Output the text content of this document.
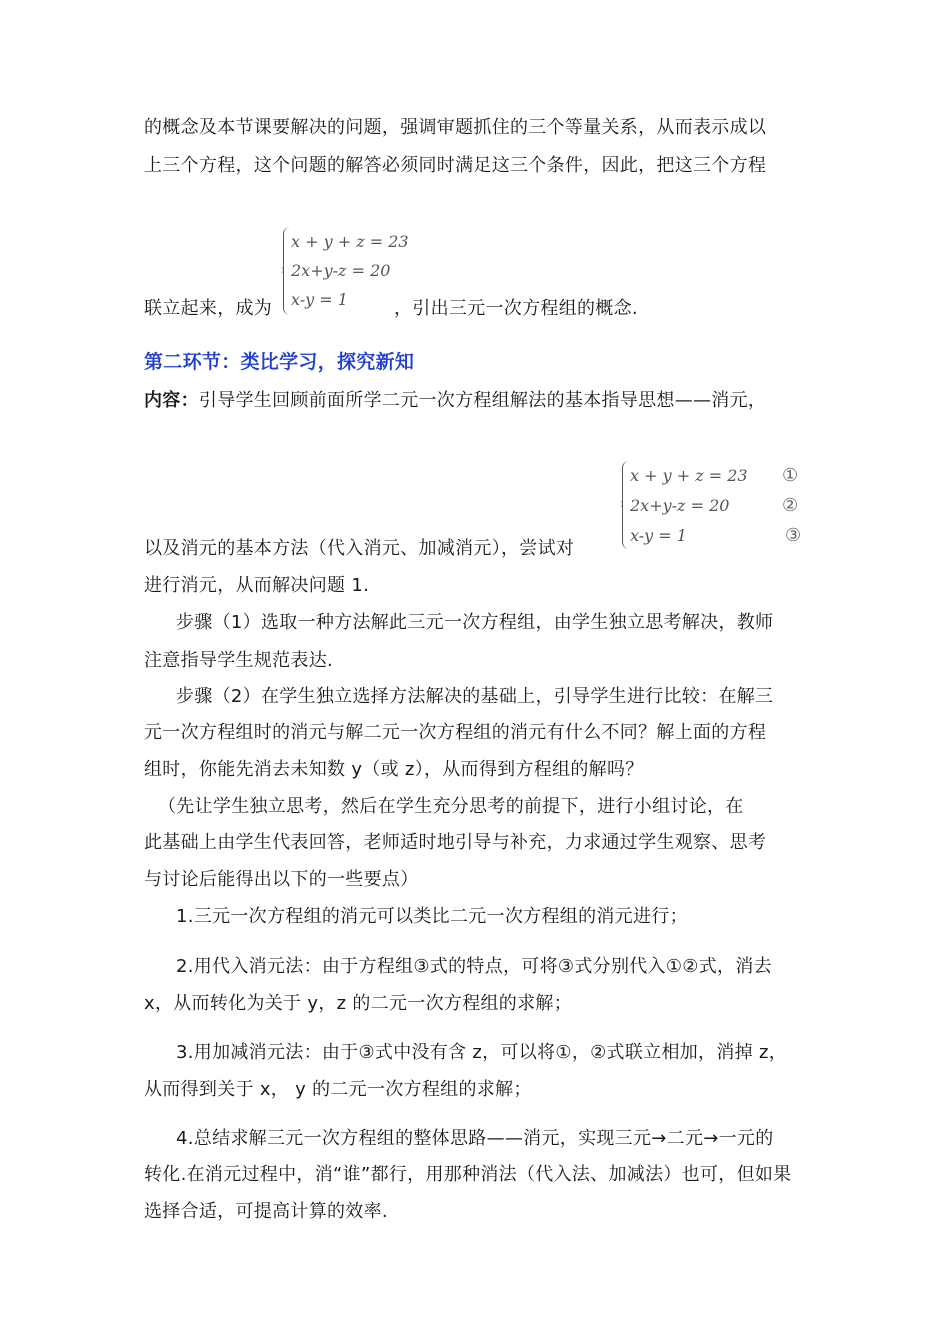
的概念及本节课要解决的问题，强调审题抓住的三个等量关系，从而表示成以
上三个方程，这个问题的解答必须同时满足这三个条件，因此，把这三个方程
x + y + z = 23
2x+y-z = 20
x-y = 1
联立起来，成为	，引出三元一次方程组的概念.
第二环节：类比学习，探究新知
内容：引导学生回顾前面所学二元一次方程组解法的基本指导思想——消元，
x + y + z = 23
2x+y-z = 20
x-y = 1
①
②
③
以及消元的基本方法（代入消元、加减消元），尝试对
进行消元，从而解决问题 1.
步骤（1）选取一种方法解此三元一次方程组，由学生独立思考解决，教师
注意指导学生规范表达.
步骤（2）在学生独立选择方法解决的基础上，引导学生进行比较：在解三
元一次方程组时的消元与解二元一次方程组的消元有什么不同？解上面的方程
组时，你能先消去未知数 y（或 z），从而得到方程组的解吗？
（先让学生独立思考，然后在学生充分思考的前提下，进行小组讨论，在
此基础上由学生代表回答，老师适时地引导与补充，力求通过学生观察、思考
与讨论后能得出以下的一些要点）
1.三元一次方程组的消元可以类比二元一次方程组的消元进行；
2.用代入消元法：由于方程组③式的特点，可将③式分别代入①②式，消去
x，从而转化为关于 y，z 的二元一次方程组的求解；
3.用加减消元法：由于③式中没有含 z，可以将①，②式联立相加，消掉 z，
从而得到关于 x， y 的二元一次方程组的求解；
4.总结求解三元一次方程组的整体思路——消元，实现三元→二元→一元的
转化.在消元过程中，消“谁”都行，用那种消法（代入法、加减法）也可，但如果
选择合适，可提高计算的效率.
